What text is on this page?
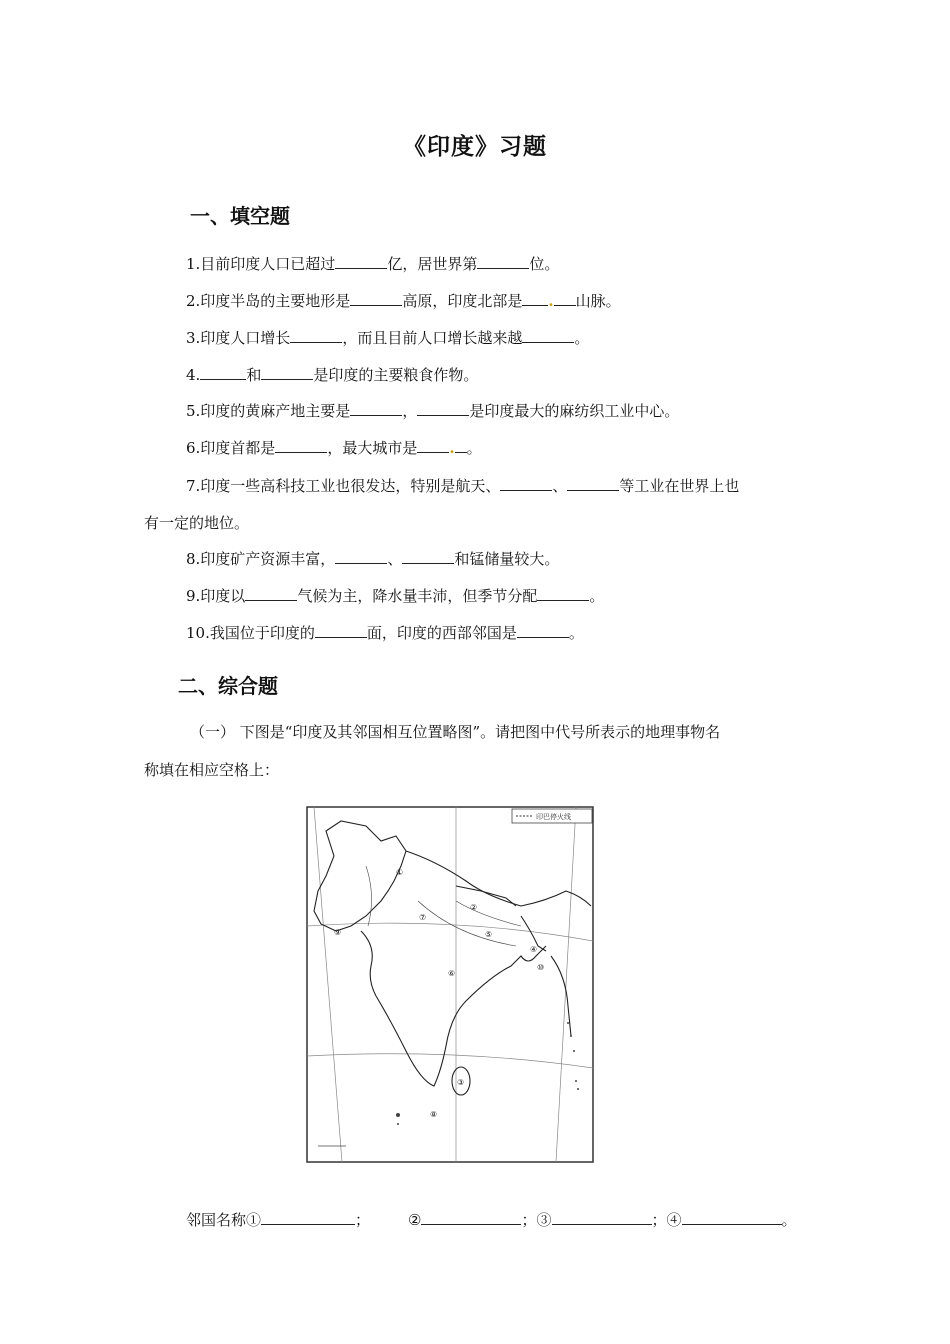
《印度》习题
一、填空题
1.目前印度人口已超过	亿，居世界第	位。
2.印度半岛的主要地形是	高原，印度北部是 . 山脉。
3.印度人口增长	，而且目前人口增长越来越	。
4.	和	是印度的主要粮食作物。
5.印度的黄麻产地主要是	，	是印度最大的麻纺织工业中心。
6.印度首都是	，最大城市是 . 。
7.印度一些高科技工业也很发达，特别是航天、	、	等工业在世界上也
有一定的地位。
8.印度矿产资源丰富，	、	和锰储量较大。
9.印度以	气候为主，降水量丰沛，但季节分配	。
10.我国位于印度的	面，印度的西部邻国是	。
二、综合题
（一） 下图是“印度及其邻国相互位置略图”。请把图中代号所表示的地理事物名
称填在相应空格上：
印巴停火线
①
②
③
④
⑤
⑥
⑦
⑧
⑨
⑩
邻国名称①	；	②	；③	；④	。
